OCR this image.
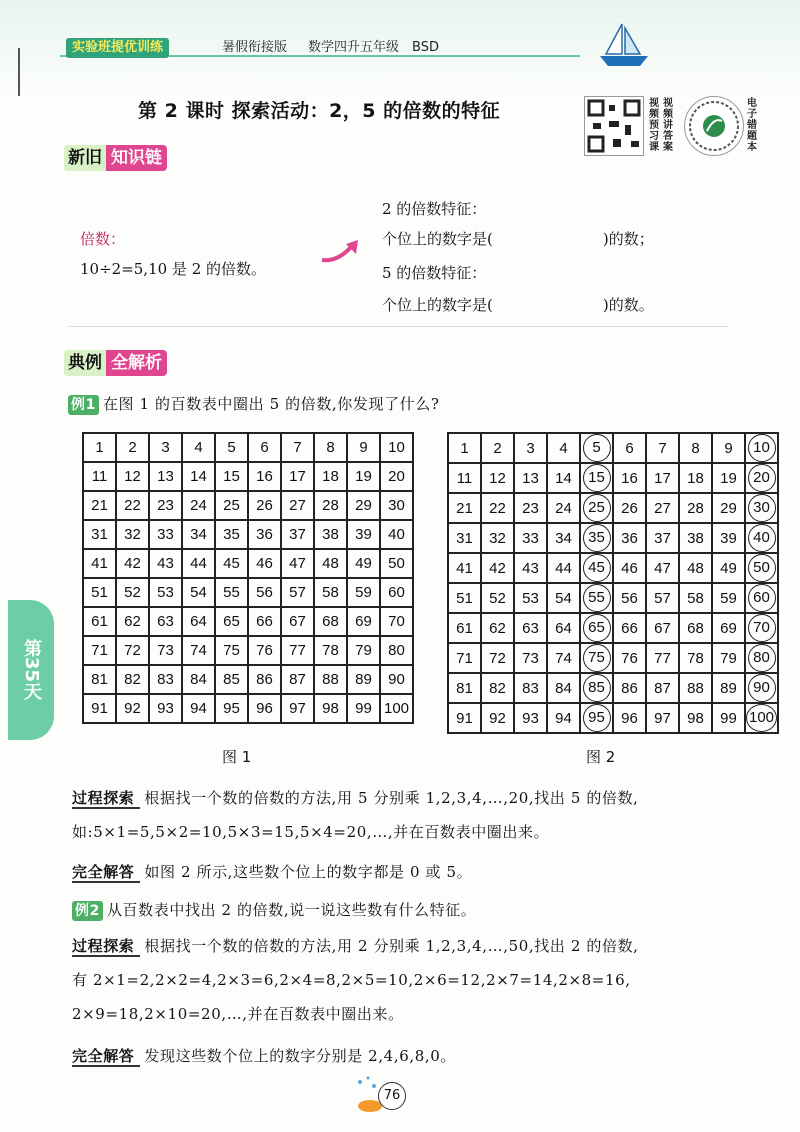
实验班提优训练	暑假衔接版 数学四升五年级 BSD
第 2 课时 探索活动：2，5 的倍数的特征	视频预习课
视频讲答案
电子错题本
新旧 知识链
倍数：
10÷2=5,10 是 2 的倍数。
2 的倍数特征：
个位上的数字是(	)的数；
5 的倍数特征：
个位上的数字是(	)的数。
典例 全解析
例1 在图 1 的百数表中圈出 5 的倍数,你发现了什么?
1	2	3	4	5	6	7	8	9	10
11	12	13	14	15	16	17	18	19	20
21	22	23	24	25	26	27	28	29	30
31	32	33	34	35	36	37	38	39	40
41	42	43	44	45	46	47	48	49	50
51	52	53	54	55	56	57	58	59	60
61	62	63	64	65	66	67	68	69	70
71	72	73	74	75	76	77	78	79	80
81	82	83	84	85	86	87	88	89	90
91	92	93	94	95	96	97	98	99	100
1	2	3	4	5	6	7	8	9	10
11	12	13	14	15	16	17	18	19	20
21	22	23	24	25	26	27	28	29	30
31	32	33	34	35	36	37	38	39	40
41	42	43	44	45	46	47	48	49	50
51	52	53	54	55	56	57	58	59	60
61	62	63	64	65	66	67	68	69	70
71	72	73	74	75	76	77	78	79	80
81	82	83	84	85	86	87	88	89	90
91	92	93	94	95	96	97	98	99	100
图 1	图 2
第35天
过程探索 根据找一个数的倍数的方法,用 5 分别乘 1,2,3,4,…,20,找出 5 的倍数,
如:5×1=5,5×2=10,5×3=15,5×4=20,…,并在百数表中圈出来。
完全解答 如图 2 所示,这些数个位上的数字都是 0 或 5。
例2 从百数表中找出 2 的倍数,说一说这些数有什么特征。
过程探索 根据找一个数的倍数的方法,用 2 分别乘 1,2,3,4,…,50,找出 2 的倍数,
有 2×1=2,2×2=4,2×3=6,2×4=8,2×5=10,2×6=12,2×7=14,2×8=16,
2×9=18,2×10=20,…,并在百数表中圈出来。
完全解答 发现这些数个位上的数字分别是 2,4,6,8,0。
76
